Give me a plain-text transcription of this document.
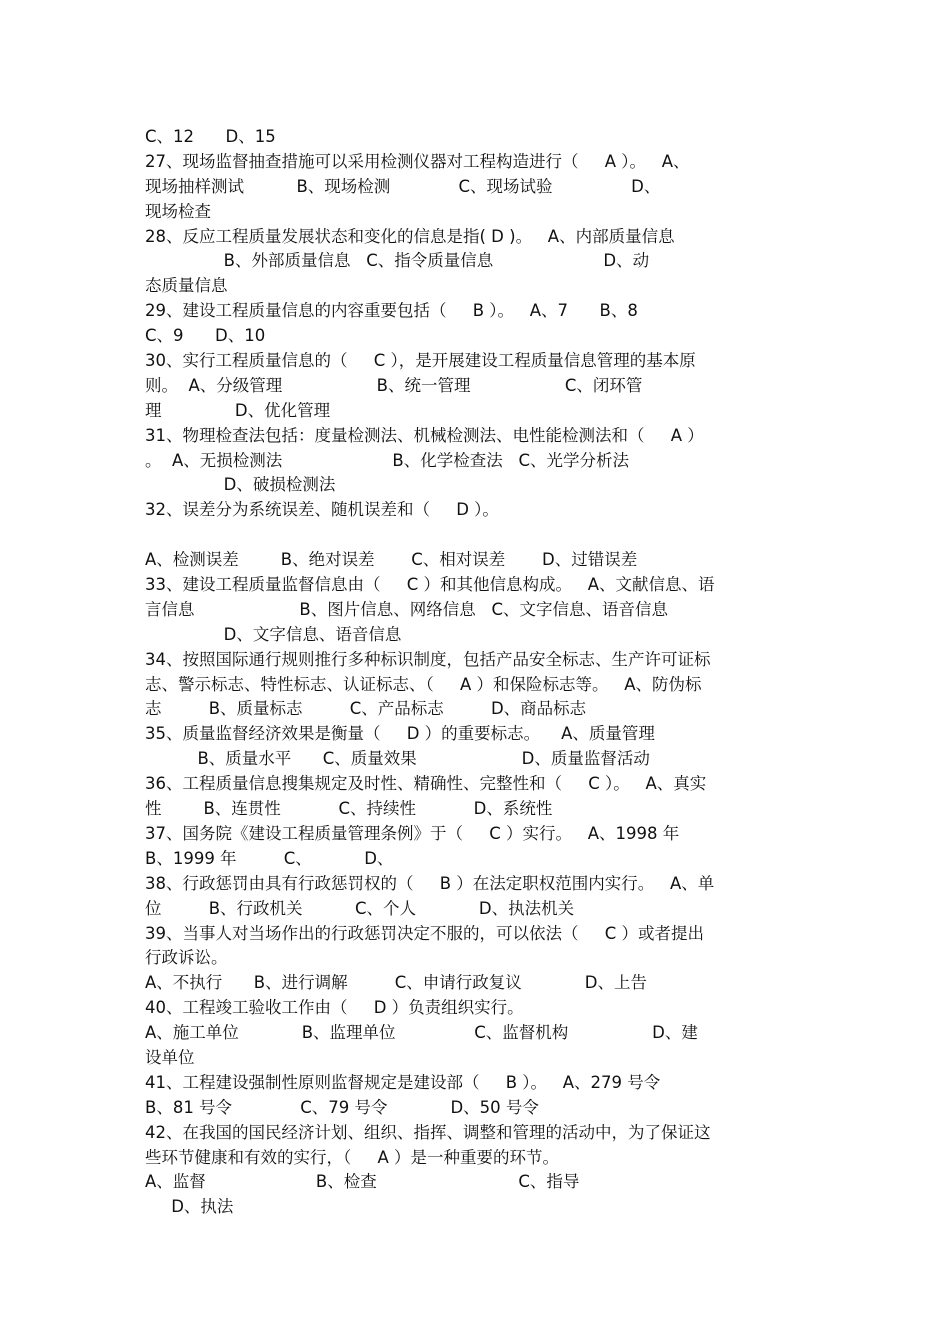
C、12      D、15
27、现场监督抽查措施可以采用检测仪器对工程构造进行（     A ）。   A、
现场抽样测试          B、现场检测             C、现场试验               D、
现场检查
28、反应工程质量发展状态和变化的信息是指( D )。   A、内部质量信息
B、外部质量信息   C、指令质量信息                     D、动
态质量信息
29、建设工程质量信息的内容重要包括（     B ）。   A、7      B、8
C、9      D、10
30、实行工程质量信息的（     C ），是开展建设工程质量信息管理的基本原
则。  A、分级管理                  B、统一管理                  C、闭环管
理              D、优化管理
31、物理检查法包括：度量检测法、机械检测法、电性能检测法和（     A ）
。  A、无损检测法                     B、化学检查法   C、光学分析法
D、破损检测法
32、误差分为系统误差、随机误差和（     D ）。
A、检测误差        B、绝对误差       C、相对误差       D、过错误差
33、建设工程质量监督信息由（     C ）和其他信息构成。   A、文献信息、语
言信息                    B、图片信息、网络信息   C、文字信息、语音信息
D、文字信息、语音信息
34、按照国际通行规则推行多种标识制度，包括产品安全标志、生产许可证标
志、警示标志、特性标志、认证标志、（     A ）和保险标志等。   A、防伪标
志         B、质量标志         C、产品标志         D、商品标志
35、质量监督经济效果是衡量（     D ）的重要标志。    A、质量管理
B、质量水平      C、质量效果                    D、质量监督活动
36、工程质量信息搜集规定及时性、精确性、完整性和（     C ）。   A、真实
性        B、连贯性           C、持续性           D、系统性
37、国务院《建设工程质量管理条例》于（     C ）实行。   A、1998 年
B、1999 年         C、          D、
38、行政惩罚由具有行政惩罚权的（     B ）在法定职权范围内实行。   A、单
位         B、行政机关          C、个人            D、执法机关
39、当事人对当场作出的行政惩罚决定不服的，可以依法（     C ）或者提出
行政诉讼。
A、不执行      B、进行调解         C、申请行政复议            D、上告
40、工程竣工验收工作由（     D ）负责组织实行。
A、施工单位            B、监理单位               C、监督机构                D、建
设单位
41、工程建设强制性原则监督规定是建设部（     B ）。   A、279 号令
B、81 号令             C、79 号令            D、50 号令
42、在我国的国民经济计划、组织、指挥、调整和管理的活动中，为了保证这
些环节健康和有效的实行，（     A ）是一种重要的环节。
A、监督                     B、检查                           C、指导
D、执法
